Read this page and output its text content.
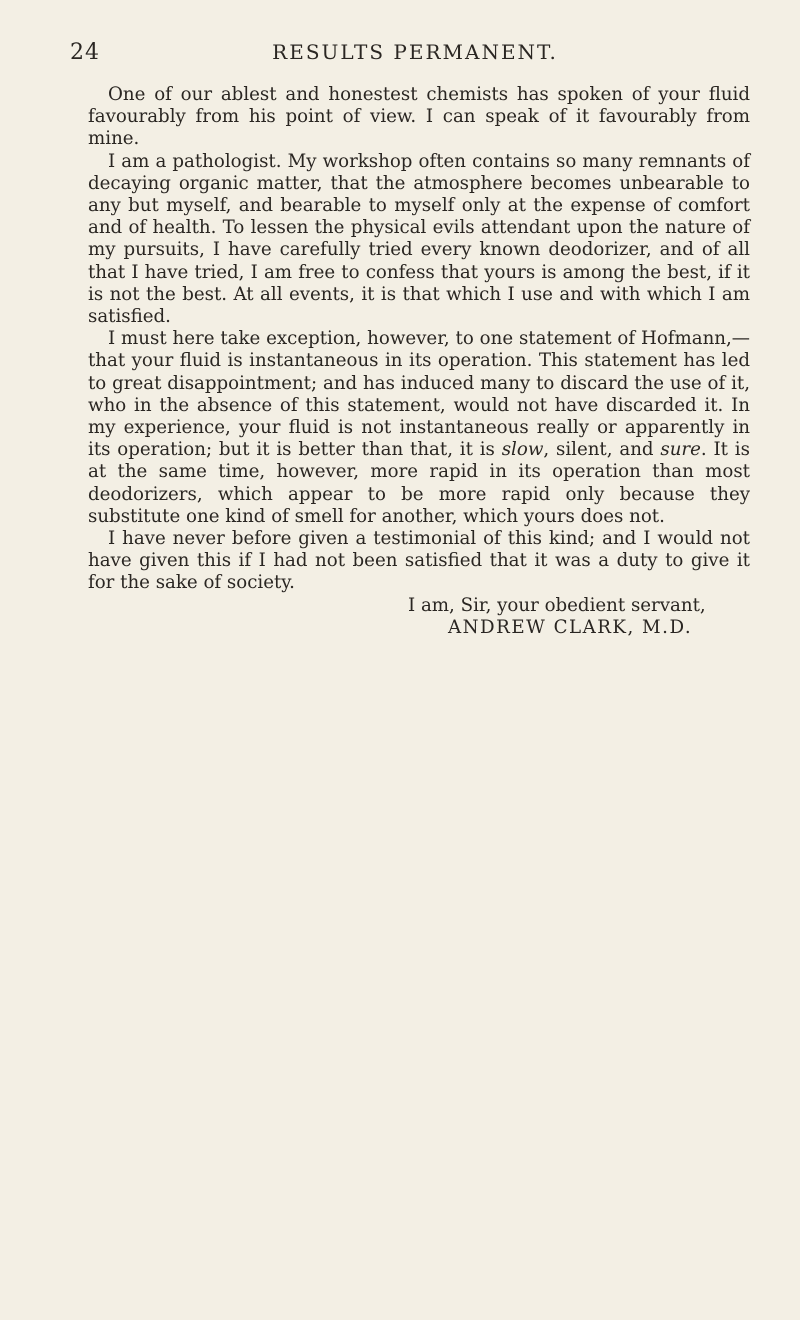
24	RESULTS PERMANENT.

One of our ablest and honestest chemists has spoken of your fluid favourably from his point of view. I can speak of it favourably from mine.

I am a pathologist. My workshop often contains so many remnants of decaying organic matter, that the atmosphere becomes unbearable to any but myself, and bearable to myself only at the expense of comfort and of health. To lessen the physical evils attendant upon the nature of my pursuits, I have carefully tried every known deodorizer, and of all that I have tried, I am free to confess that yours is among the best, if it is not the best. At all events, it is that which I use and with which I am satisfied.

I must here take exception, however, to one statement of Hofmann,—that your fluid is instantaneous in its operation. This statement has led to great disappointment; and has induced many to discard the use of it, who in the absence of this statement, would not have discarded it. In my experience, your fluid is not instantaneous really or apparently in its operation; but it is better than that, it is slow, silent, and sure. It is at the same time, however, more rapid in its operation than most deodorizers, which appear to be more rapid only because they substitute one kind of smell for another, which yours does not.

I have never before given a testimonial of this kind; and I would not have given this if I had not been satisfied that it was a duty to give it for the sake of society.

I am, Sir, your obedient servant,

ANDREW CLARK, M.D.
